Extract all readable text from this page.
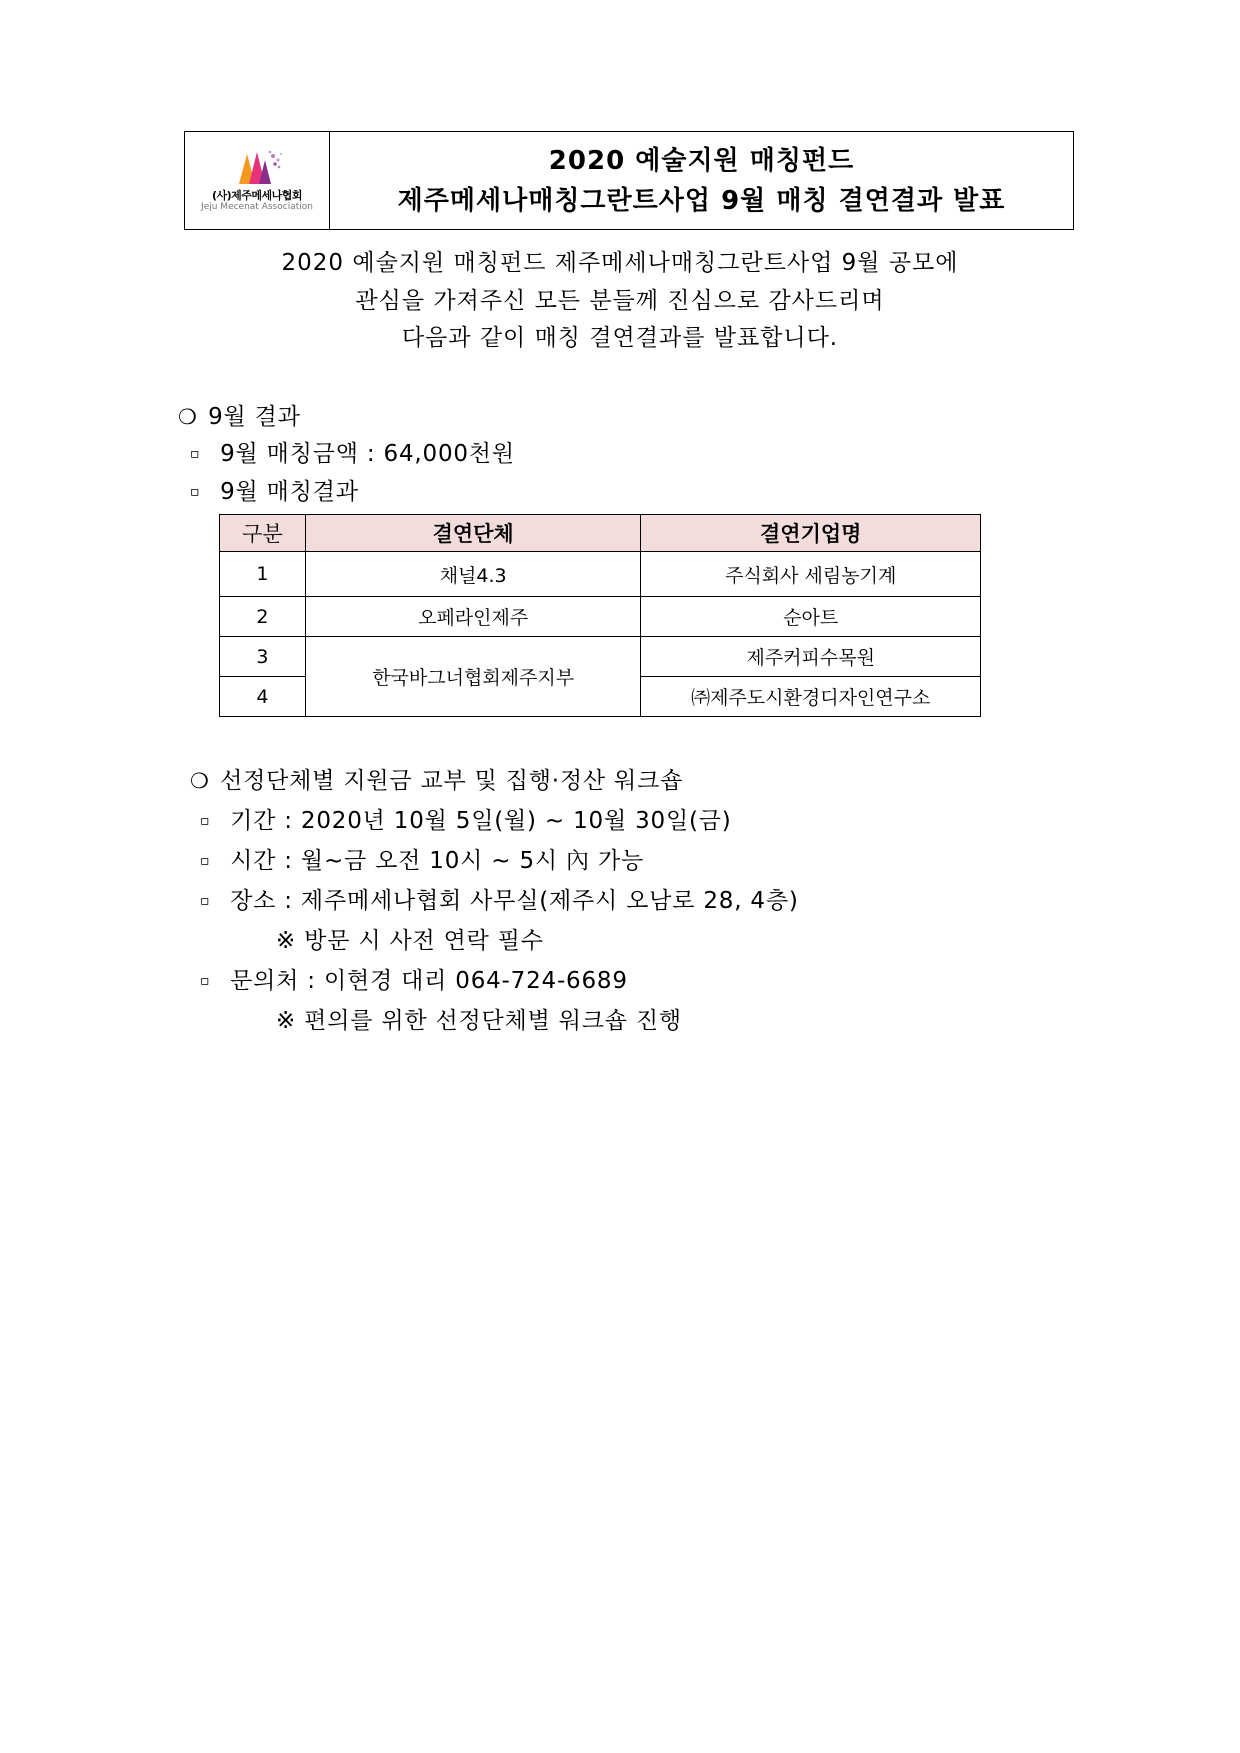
(사)제주메세나협회
Jeju Mecenat Association
2020 예술지원 매칭펀드
제주메세나매칭그란트사업 9월 매칭 결연결과 발표
2020 예술지원 매칭펀드 제주메세나매칭그란트사업 9월 공모에
관심을 가져주신 모든 분들께 진심으로 감사드리며
다음과 같이 매칭 결연결과를 발표합니다.
❍ 9월 결과
▫ 9월 매칭금액 : 64,000천원
▫ 9월 매칭결과
구분	결연단체	결연기업명
1	채널4.3	주식회사 세림농기계
2	오페라인제주	순아트
3	한국바그너협회제주지부	제주커피수목원
4		㈜제주도시환경디자인연구소
❍ 선정단체별 지원금 교부 및 집행·정산 워크숍
▫ 기간 : 2020년 10월 5일(월) ~ 10월 30일(금)
▫ 시간 : 월~금 오전 10시 ~ 5시 內 가능
▫ 장소 : 제주메세나협회 사무실(제주시 오남로 28, 4층)
※ 방문 시 사전 연락 필수
▫ 문의처 : 이현경 대리 064-724-6689
※ 편의를 위한 선정단체별 워크숍 진행
